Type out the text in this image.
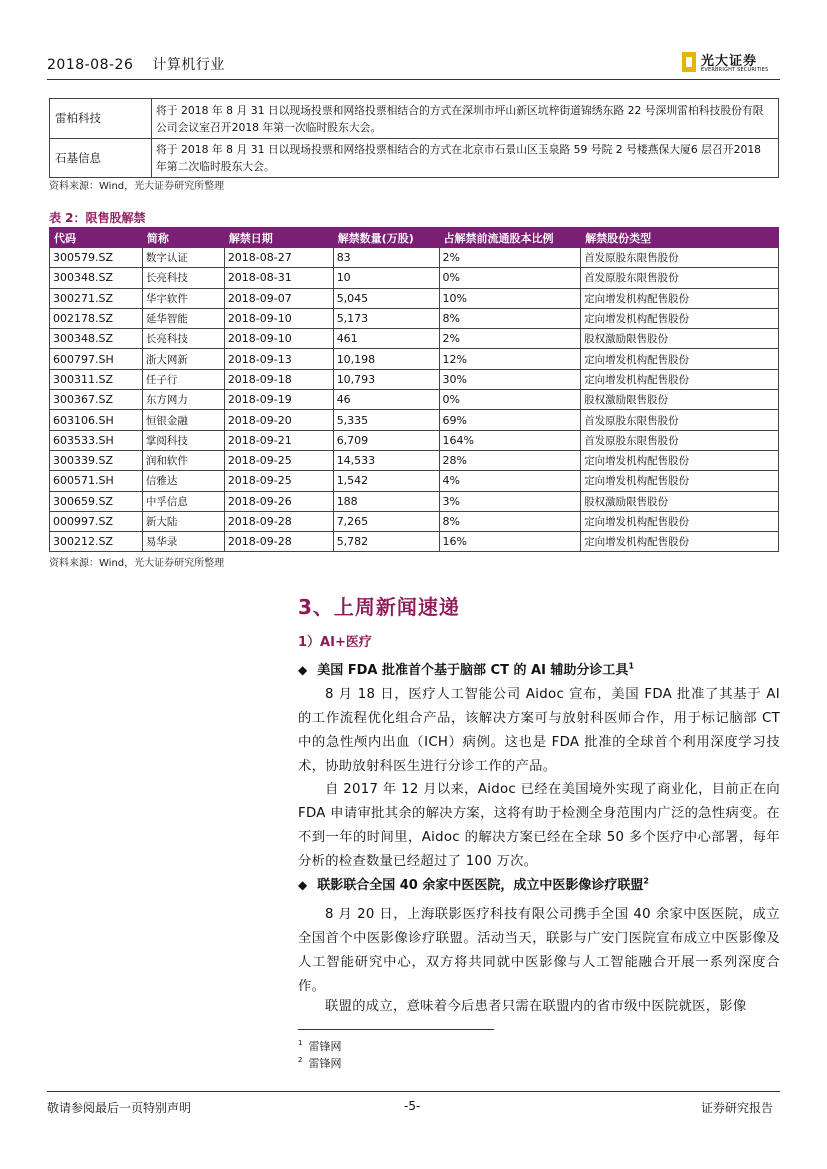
2018-08-26 计算机行业	光大证券
EVERBRIGHT SECURITIES
雷柏科技	将于 2018 年 8 月 31 日以现场投票和网络投票相结合的方式在深圳市坪山新区坑梓街道锦绣东路 22 号深圳雷柏科技股份有限公司会议室召开2018 年第一次临时股东大会。
石基信息	将于 2018 年 8 月 31 日以现场投票和网络投票相结合的方式在北京市石景山区玉泉路 59 号院 2 号楼燕保大厦6 层召开2018 年第二次临时股东大会。
资料来源：Wind，光大证券研究所整理
表 2：限售股解禁
代码	简称	解禁日期	解禁数量(万股)	占解禁前流通股本比例	解禁股份类型
300579.SZ	数字认证	2018-08-27	83	2%	首发原股东限售股份
300348.SZ	长亮科技	2018-08-31	10	0%	首发原股东限售股份
300271.SZ	华宇软件	2018-09-07	5,045	10%	定向增发机构配售股份
002178.SZ	延华智能	2018-09-10	5,173	8%	定向增发机构配售股份
300348.SZ	长亮科技	2018-09-10	461	2%	股权激励限售股份
600797.SH	浙大网新	2018-09-13	10,198	12%	定向增发机构配售股份
300311.SZ	任子行	2018-09-18	10,793	30%	定向增发机构配售股份
300367.SZ	东方网力	2018-09-19	46	0%	股权激励限售股份
603106.SH	恒银金融	2018-09-20	5,335	69%	首发原股东限售股份
603533.SH	掌阅科技	2018-09-21	6,709	164%	首发原股东限售股份
300339.SZ	润和软件	2018-09-25	14,533	28%	定向增发机构配售股份
600571.SH	信雅达	2018-09-25	1,542	4%	定向增发机构配售股份
300659.SZ	中孚信息	2018-09-26	188	3%	股权激励限售股份
000997.SZ	新大陆	2018-09-28	7,265	8%	定向增发机构配售股份
300212.SZ	易华录	2018-09-28	5,782	16%	定向增发机构配售股份
资料来源：Wind，光大证券研究所整理
3、上周新闻速递
1）AI+医疗
◆ 美国 FDA 批准首个基于脑部 CT 的 AI 辅助分诊工具$^1$
8 月 18 日，医疗人工智能公司 Aidoc 宣布，美国 FDA 批准了其基于 AI 的工作流程优化组合产品，该解决方案可与放射科医师合作，用于标记脑部 CT 中的急性颅内出血（ICH）病例。这也是 FDA 批准的全球首个利用深度学习技术，协助放射科医生进行分诊工作的产品。
自 2017 年 12 月以来，Aidoc 已经在美国境外实现了商业化，目前正在向 FDA 申请审批其余的解决方案，这将有助于检测全身范围内广泛的急性病变。在不到一年的时间里，Aidoc 的解决方案已经在全球 50 多个医疗中心部署，每年分析的检查数量已经超过了 100 万次。
◆ 联影联合全国 40 余家中医医院，成立中医影像诊疗联盟$^2$
8 月 20 日，上海联影医疗科技有限公司携手全国 40 余家中医医院，成立全国首个中医影像诊疗联盟。活动当天，联影与广安门医院宣布成立中医影像及人工智能研究中心，双方将共同就中医影像与人工智能融合开展一系列深度合作。
联盟的成立，意味着今后患者只需在联盟内的省市级中医院就医，影像
$^1$ 雷锋网
$^2$ 雷锋网
敬请参阅最后一页特别声明	-5-	证券研究报告
